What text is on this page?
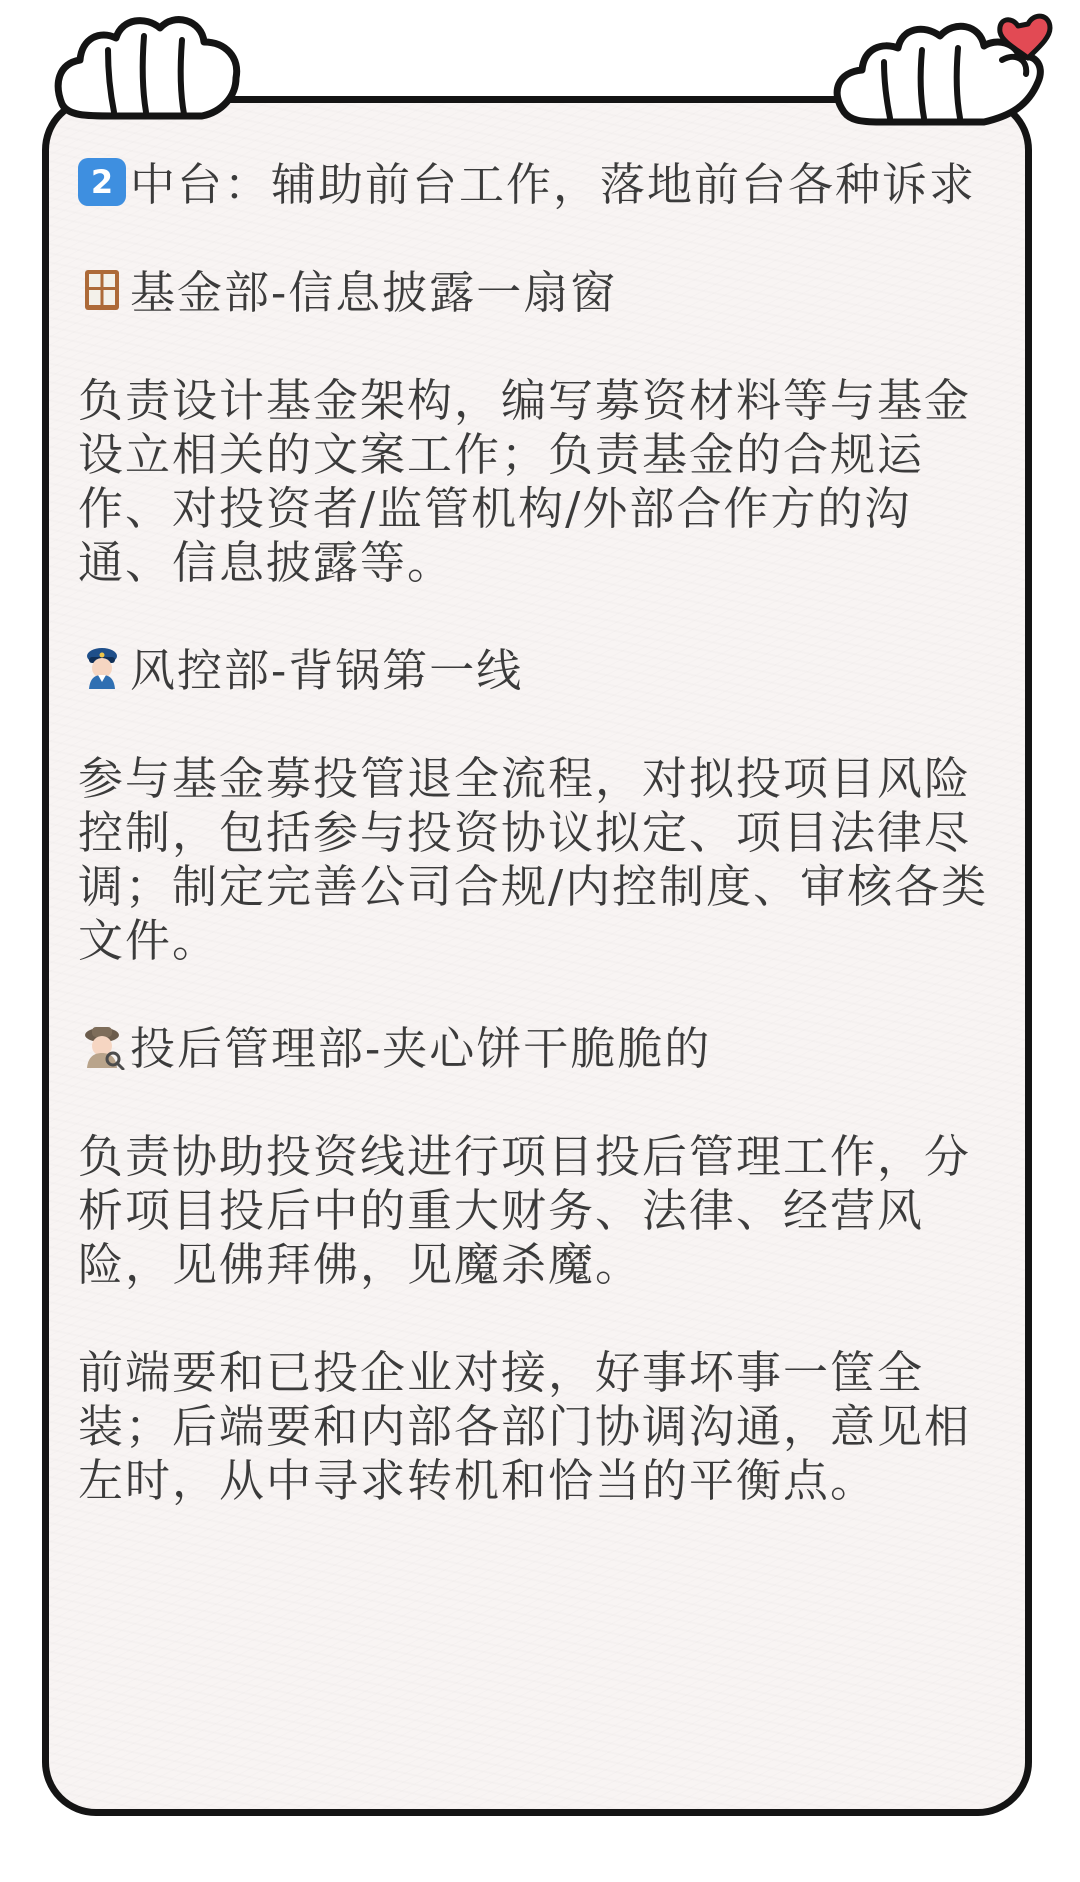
2 中台：辅助前台工作，落地前台各种诉求

基金部-信息披露一扇窗

负责设计基金架构，编写募资材料等与基金设立相关的文案工作；负责基金的合规运作、对投资者/监管机构/外部合作方的沟通、信息披露等。

风控部-背锅第一线

参与基金募投管退全流程，对拟投项目风险控制，包括参与投资协议拟定、项目法律尽调；制定完善公司合规/内控制度、审核各类文件。

投后管理部-夹心饼干脆脆的

负责协助投资线进行项目投后管理工作，分析项目投后中的重大财务、法律、经营风险，见佛拜佛，见魔杀魔。

前端要和已投企业对接，好事坏事一筐全装；后端要和内部各部门协调沟通，意见相左时，从中寻求转机和恰当的平衡点。
